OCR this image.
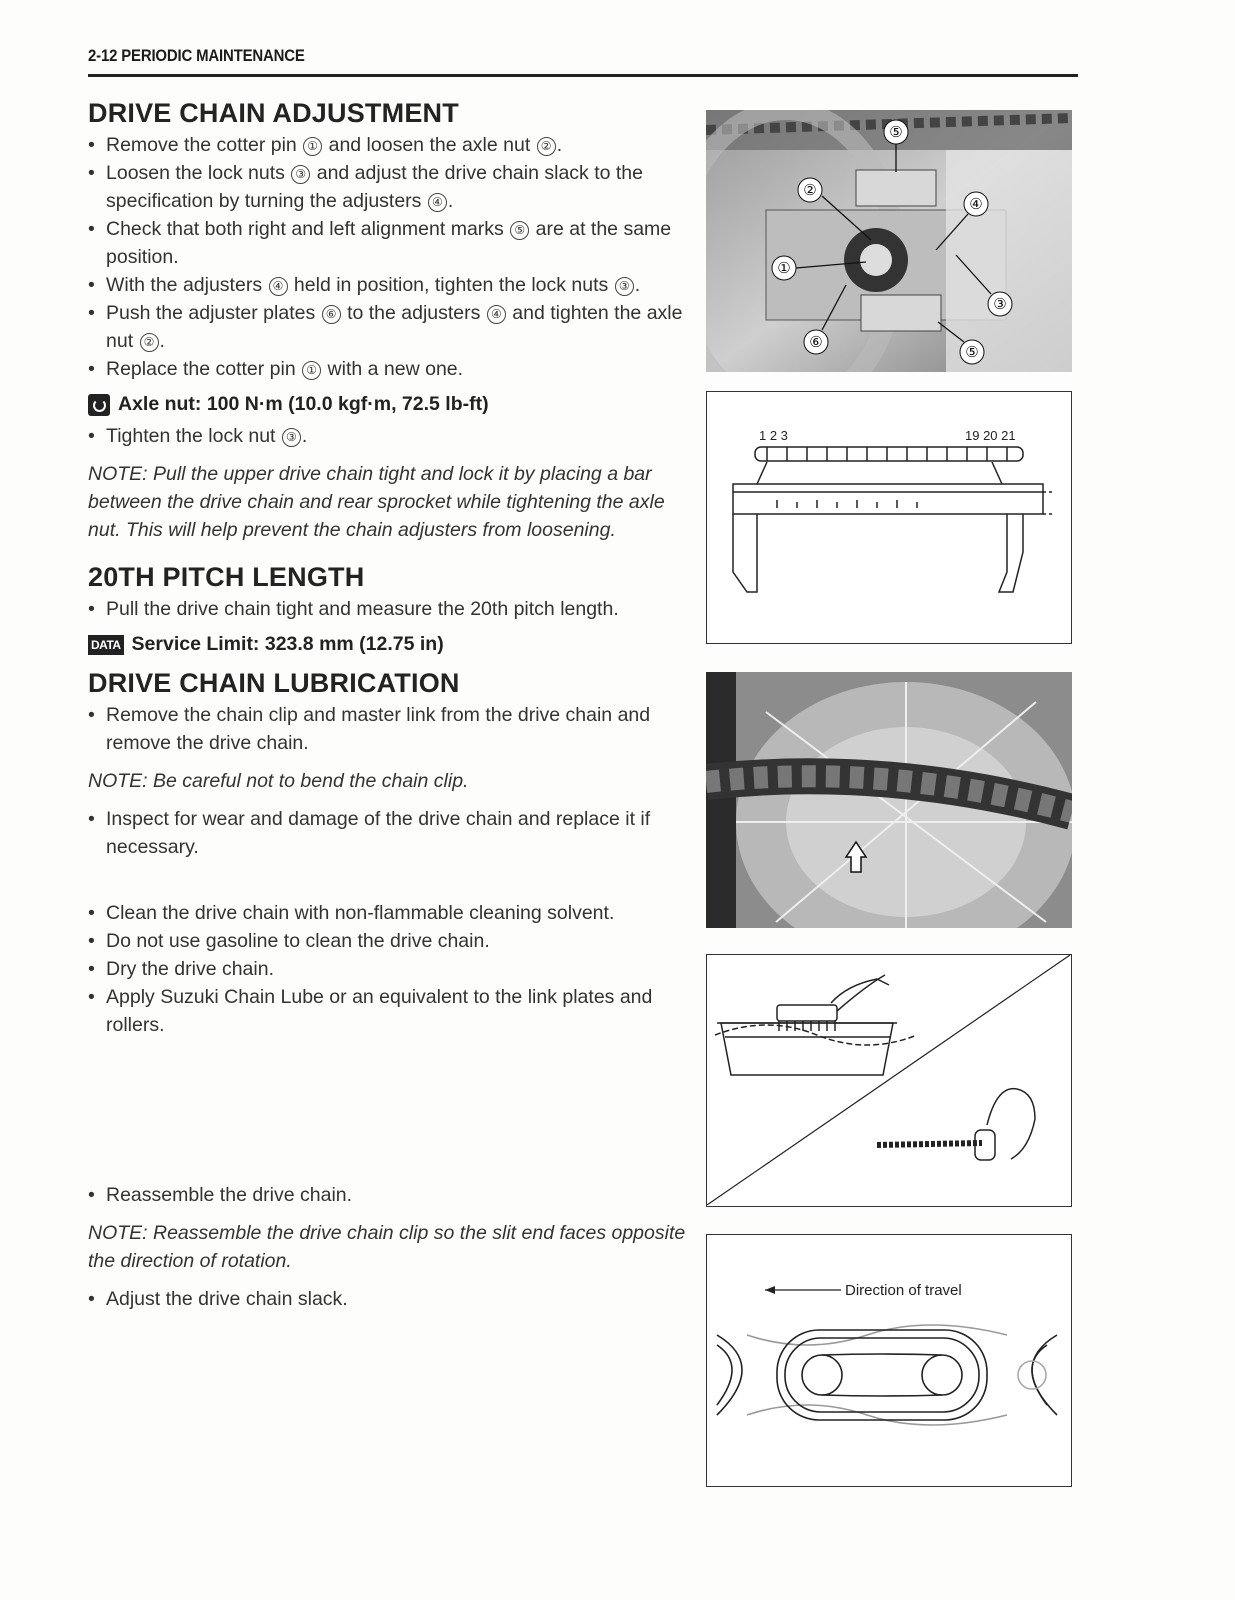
2-12 PERIODIC MAINTENANCE
DRIVE CHAIN ADJUSTMENT
• Remove the cotter pin ① and loosen the axle nut ② .
• Loosen the lock nuts ③ and adjust the drive chain slack to the specification by turning the adjusters ④ .
• Check that both right and left alignment marks ⑤ are at the same position.
• With the adjusters ④ held in position, tighten the lock nuts ③ .
• Push the adjuster plates ⑥ to the adjusters ④ and tighten the axle nut ② .
• Replace the cotter pin ① with a new one.
Axle nut: 100 N·m (10.0 kgf·m, 72.5 lb-ft)
• Tighten the lock nut ③ .

NOTE: Pull the upper drive chain tight and lock it by placing a bar between the drive chain and rear sprocket while tightening the axle nut. This will help prevent the chain adjusters from loosening.

20TH PITCH LENGTH
• Pull the drive chain tight and measure the 20th pitch length.
DATA Service Limit: 323.8 mm (12.75 in)
DRIVE CHAIN LUBRICATION
• Remove the chain clip and master link from the drive chain and remove the drive chain.

NOTE: Be careful not to bend the chain clip.

• Inspect for wear and damage of the drive chain and replace it if necessary.
• Clean the drive chain with non-flammable cleaning solvent.
• Do not use gasoline to clean the drive chain.
• Dry the drive chain.
• Apply Suzuki Chain Lube or an equivalent to the link plates and rollers.
• Reassemble the drive chain.

NOTE: Reassemble the drive chain clip so the slit end faces opposite the direction of rotation.

• Adjust the drive chain slack.
⑤
②
④
①
③
⑥
⑤
1 2 3	19 20 21
Direction of travel
